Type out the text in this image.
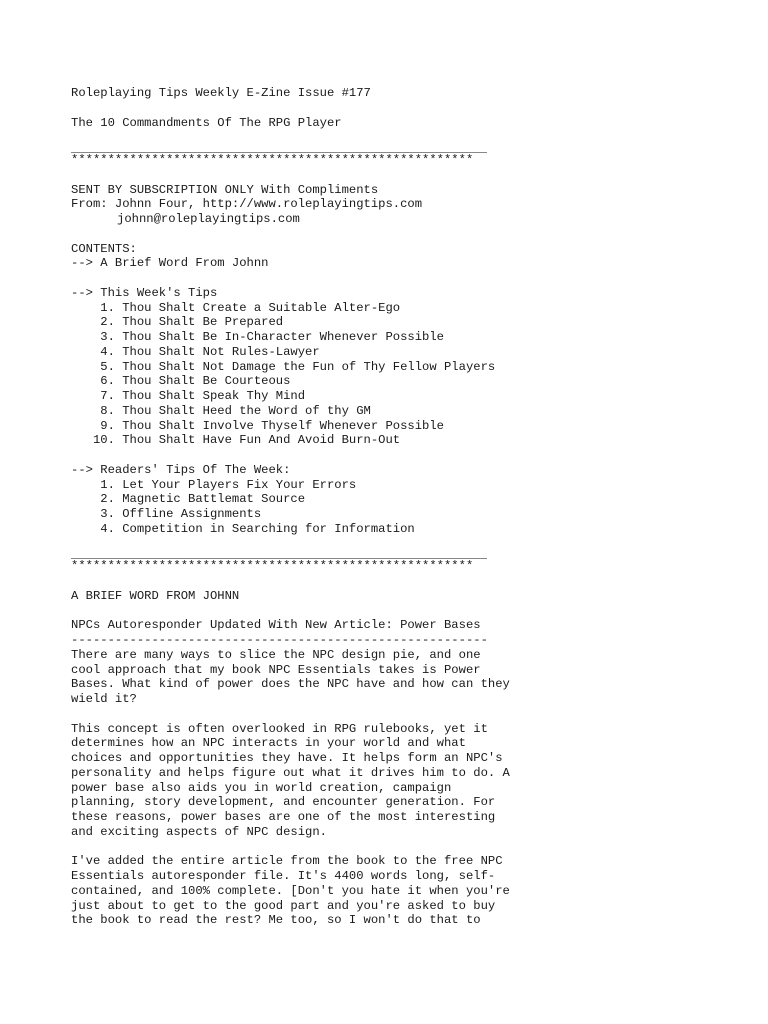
Roleplaying Tips Weekly E-Zine Issue #177
The 10 Commandments Of The RPG Player
*******************************************************
SENT BY SUBSCRIPTION ONLY With Compliments
From: Johnn Four, http://www.roleplayingtips.com
johnn@roleplayingtips.com
CONTENTS:
--> A Brief Word From Johnn
--> This Week's Tips
1. Thou Shalt Create a Suitable Alter-Ego
2. Thou Shalt Be Prepared
3. Thou Shalt Be In-Character Whenever Possible
4. Thou Shalt Not Rules-Lawyer
5. Thou Shalt Not Damage the Fun of Thy Fellow Players
6. Thou Shalt Be Courteous
7. Thou Shalt Speak Thy Mind
8. Thou Shalt Heed the Word of thy GM
9. Thou Shalt Involve Thyself Whenever Possible
10. Thou Shalt Have Fun And Avoid Burn-Out
--> Readers' Tips Of The Week:
1. Let Your Players Fix Your Errors
2. Magnetic Battlemat Source
3. Offline Assignments
4. Competition in Searching for Information
*******************************************************
A BRIEF WORD FROM JOHNN
NPCs Autoresponder Updated With New Article: Power Bases
---------------------------------------------------------
There are many ways to slice the NPC design pie, and one
cool approach that my book NPC Essentials takes is Power
Bases. What kind of power does the NPC have and how can they
wield it?
This concept is often overlooked in RPG rulebooks, yet it
determines how an NPC interacts in your world and what
choices and opportunities they have. It helps form an NPC's
personality and helps figure out what it drives him to do. A
power base also aids you in world creation, campaign
planning, story development, and encounter generation. For
these reasons, power bases are one of the most interesting
and exciting aspects of NPC design.
I've added the entire article from the book to the free NPC
Essentials autoresponder file. It's 4400 words long, self-
contained, and 100% complete. [Don't you hate it when you're
just about to get to the good part and you're asked to buy
the book to read the rest? Me too, so I won't do that to
